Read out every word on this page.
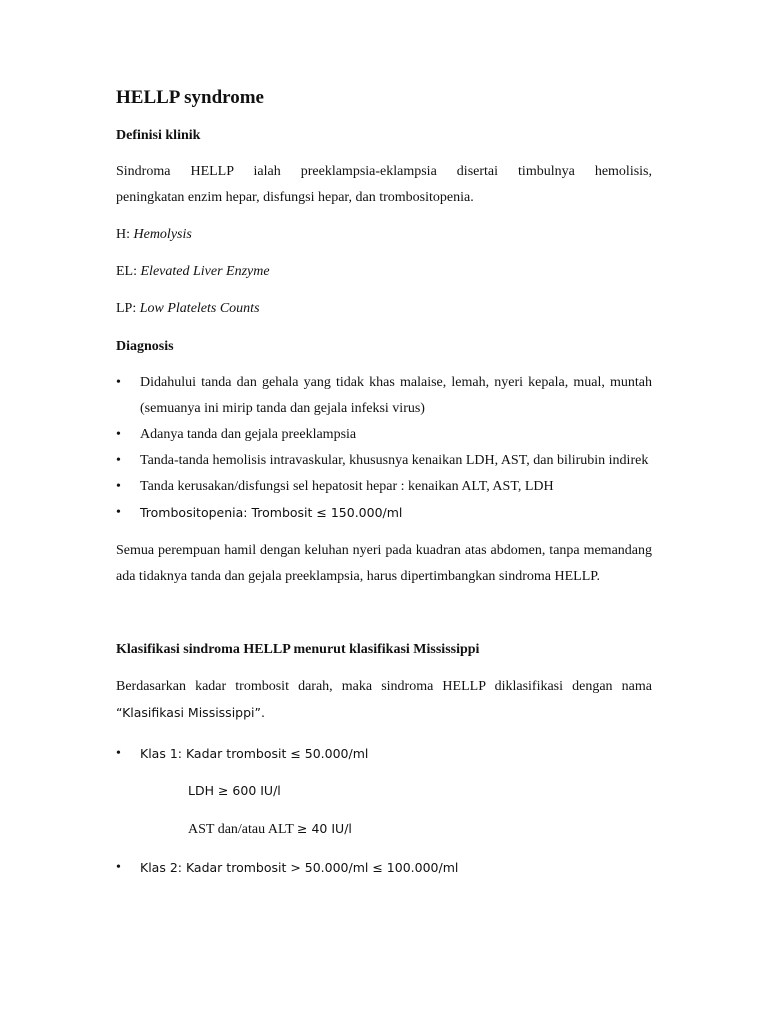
HELLP syndrome
Definisi klinik

Sindroma HELLP ialah preeklampsia-eklampsia disertai timbulnya hemolisis,
peningkatan enzim hepar, disfungsi hepar, dan trombositopenia.

H: Hemolysis

EL: Elevated Liver Enzyme

LP: Low Platelets Counts

Diagnosis
•	Didahului tanda dan gehala yang tidak khas malaise, lemah, nyeri kepala, mual, muntah (semuanya ini mirip tanda dan gejala infeksi virus)
•	Adanya tanda dan gejala preeklampsia
•	Tanda-tanda hemolisis intravaskular, khususnya kenaikan LDH, AST, dan bilirubin indirek
•	Tanda kerusakan/disfungsi sel hepatosit hepar : kenaikan ALT, AST, LDH
•	Trombositopenia: Trombosit ≤ 150.000/ml

Semua perempuan hamil dengan keluhan nyeri pada kuadran atas abdomen, tanpa memandang ada tidaknya tanda dan gejala preeklampsia, harus dipertimbangkan sindroma HELLP.

Klasifikasi sindroma HELLP menurut klasifikasi Mississippi

Berdasarkan kadar trombosit darah, maka sindroma HELLP diklasifikasi dengan nama “Klasifikasi Mississippi”.

•	Klas 1: Kadar trombosit ≤ 50.000/ml

LDH ≥ 600 IU/l

AST dan/atau ALT ≥ 40 IU/l

•	Klas 2: Kadar trombosit > 50.000/ml ≤ 100.000/ml
